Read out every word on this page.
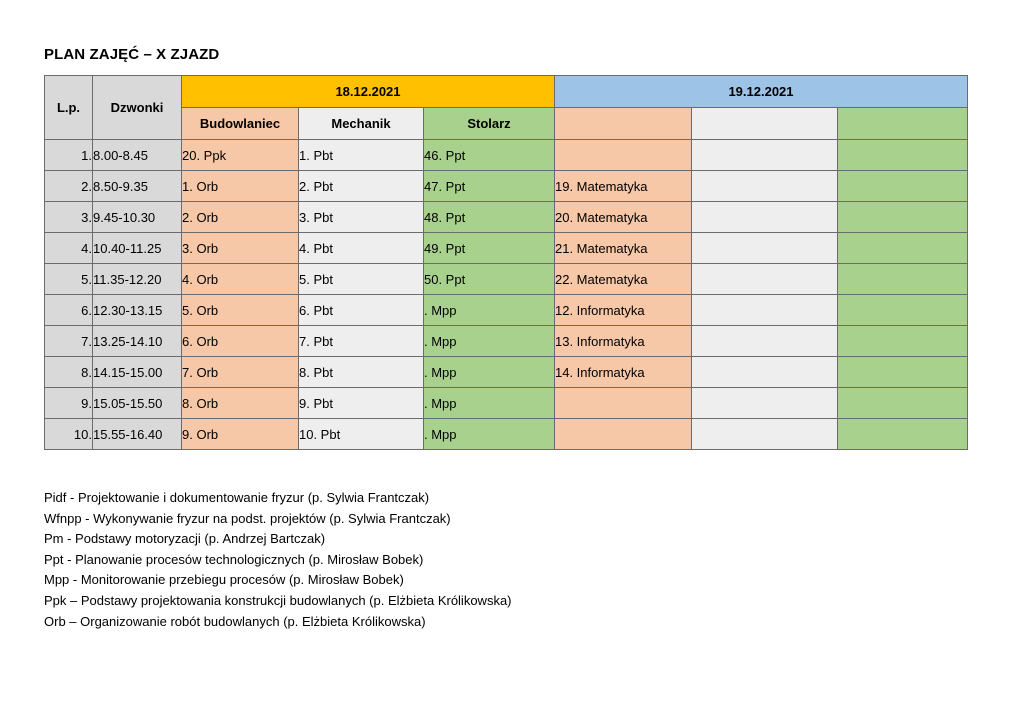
PLAN ZAJĘĆ – X ZJAZD
L.p.	Dzwonki	18.12.2021			19.12.2021		
		Budowlaniec	Mechanik	Stolarz			
1.	8.00-8.45	20. Ppk	1. Pbt	46. Ppt			
2.	8.50-9.35	1. Orb	2. Pbt	47. Ppt	19. Matematyka		
3.	9.45-10.30	2. Orb	3. Pbt	48. Ppt	20. Matematyka		
4.	10.40-11.25	3. Orb	4. Pbt	49. Ppt	21. Matematyka		
5.	11.35-12.20	4. Orb	5. Pbt	50. Ppt	22. Matematyka		
6.	12.30-13.15	5. Orb	6. Pbt	. Mpp	12. Informatyka		
7.	13.25-14.10	6. Orb	7. Pbt	. Mpp	13. Informatyka		
8.	14.15-15.00	7. Orb	8. Pbt	. Mpp	14. Informatyka		
9.	15.05-15.50	8. Orb	9. Pbt	. Mpp			
10.	15.55-16.40	9. Orb	10. Pbt	. Mpp			
Pidf - Projektowanie i dokumentowanie fryzur (p. Sylwia Frantczak)
Wfnpp - Wykonywanie fryzur na podst. projektów (p. Sylwia Frantczak)
Pm - Podstawy motoryzacji (p. Andrzej Bartczak)
Ppt - Planowanie procesów technologicznych (p. Mirosław Bobek)
Mpp - Monitorowanie przebiegu procesów (p. Mirosław Bobek)
Ppk – Podstawy projektowania konstrukcji budowlanych (p. Elżbieta Królikowska)
Orb – Organizowanie robót budowlanych (p. Elżbieta Królikowska)
